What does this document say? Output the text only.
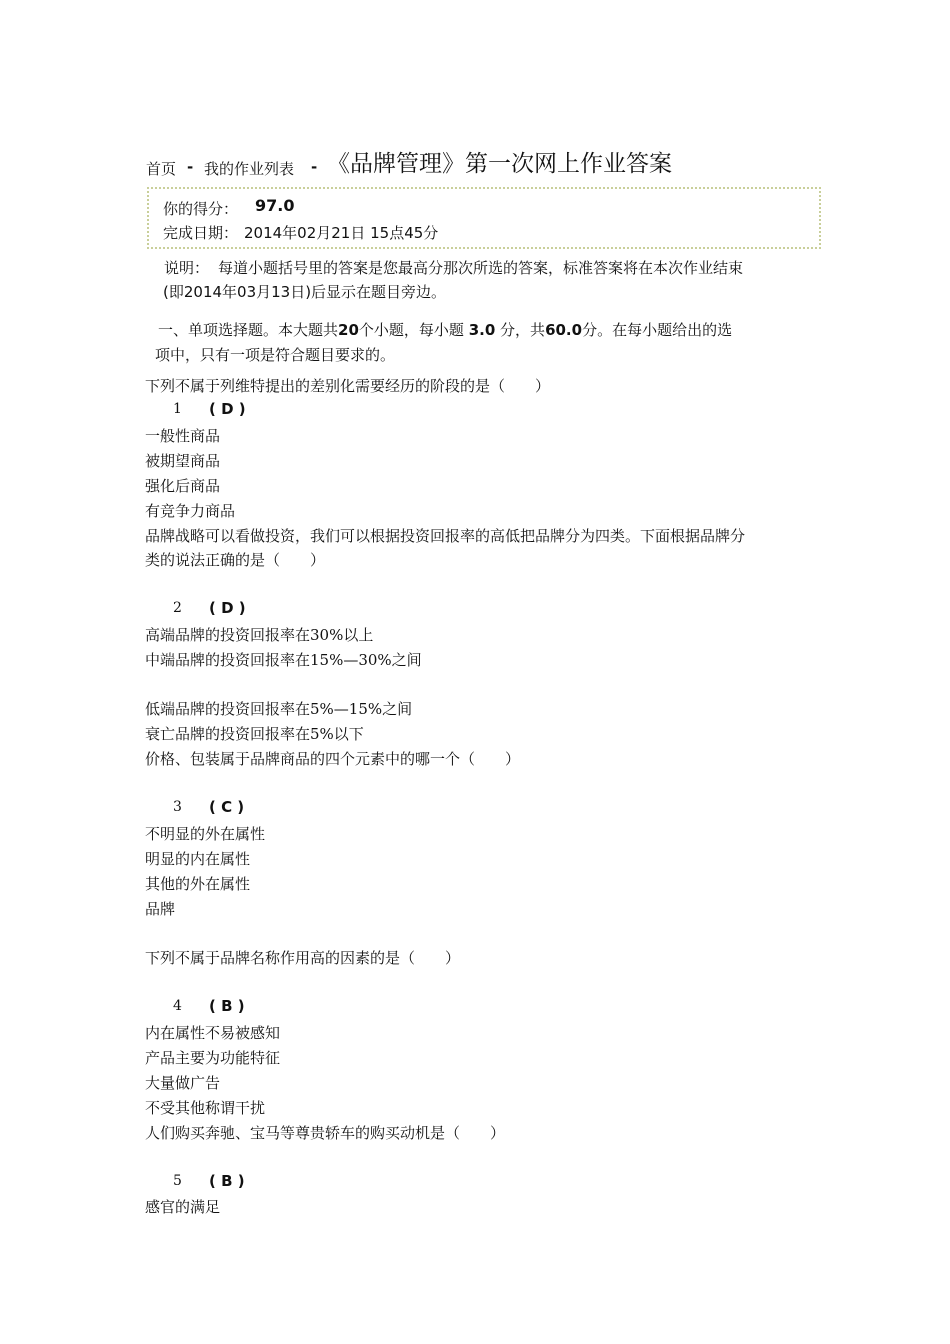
首页 - 我的作业列表 - 《品牌管理》第一次网上作业答案
你的得分： 97.0
完成日期： 2014年02月21日 15点45分
说明： 每道小题括号里的答案是您最高分那次所选的答案，标准答案将在本次作业结束
(即2014年03月13日)后显示在题目旁边。
一、单项选择题。本大题共20个小题，每小题 3.0 分，共60.0分。在每小题给出的选
项中，只有一项是符合题目要求的。
下列不属于列维特提出的差别化需要经历的阶段的是（　　）
1 ( D )
一般性商品
被期望商品
强化后商品
有竞争力商品
品牌战略可以看做投资，我们可以根据投资回报率的高低把品牌分为四类。下面根据品牌分
类的说法正确的是（　　）
2 ( D )
高端品牌的投资回报率在30%以上
中端品牌的投资回报率在15%—30%之间
低端品牌的投资回报率在5%—15%之间
衰亡品牌的投资回报率在5%以下
价格、包装属于品牌商品的四个元素中的哪一个（　　）
3 ( C )
不明显的外在属性
明显的内在属性
其他的外在属性
品牌
下列不属于品牌名称作用高的因素的是（　　）
4 ( B )
内在属性不易被感知
产品主要为功能特征
大量做广告
不受其他称谓干扰
人们购买奔驰、宝马等尊贵轿车的购买动机是（　　）
5 ( B )
感官的满足
